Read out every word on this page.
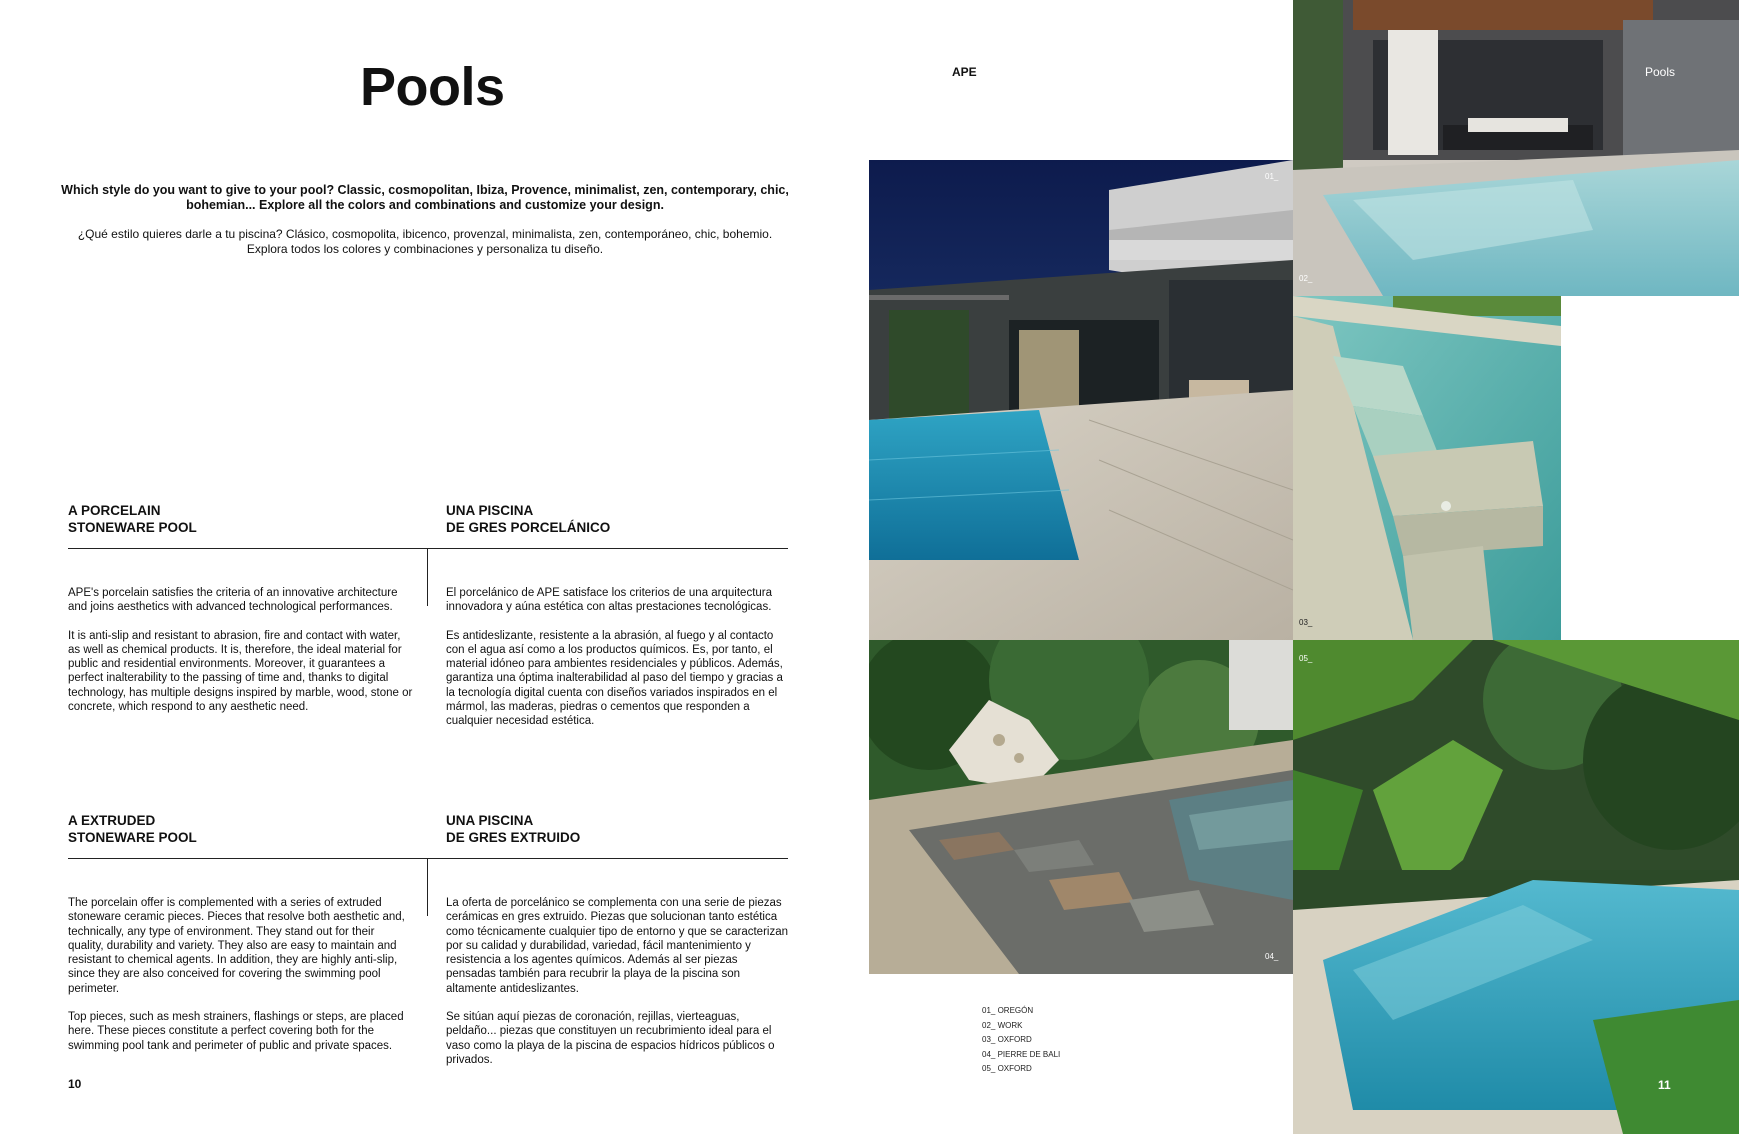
Pools
Which style do you want to give to your pool? Classic, cosmopolitan, Ibiza, Provence, minimalist, zen, contemporary, chic,
bohemian... Explore all the colors and combinations and customize your design.
¿Qué estilo quieres darle a tu piscina? Clásico, cosmopolita, ibicenco, provenzal, minimalista, zen, contemporáneo, chic, bohemio.
Explora todos los colores y combinaciones y personaliza tu diseño.
A PORCELAIN
STONEWARE POOL
UNA PISCINA
DE GRES PORCELÁNICO

APE's porcelain satisfies the criteria of an innovative architecture and joins aesthetics with advanced technological performances.

It is anti-slip and resistant to abrasion, fire and contact with water, as well as chemical products. It is, therefore, the ideal material for public and residential environments. Moreover, it guarantees a perfect inalterability to the passing of time and, thanks to digital technology, has multiple designs inspired by marble, wood, stone or concrete, which respond to any aesthetic need.

El porcelánico de APE satisface los criterios de una arquitectura innovadora y aúna estética con altas prestaciones tecnológicas.

Es antideslizante, resistente a la abrasión, al fuego y al contacto con el agua así como a los productos químicos. Es, por tanto, el material idóneo para ambientes residenciales y públicos. Además, garantiza una óptima inalterabilidad al paso del tiempo y gracias a la tecnología digital cuenta con diseños variados inspirados en el mármol, las maderas, piedras o cementos que responden a cualquier necesidad estética.

A EXTRUDED
STONEWARE POOL
UNA PISCINA
DE GRES EXTRUIDO

The porcelain offer is complemented with a series of extruded stoneware ceramic pieces. Pieces that resolve both aesthetic and, technically, any type of environment. They stand out for their quality, durability and variety. They also are easy to maintain and resistant to chemical agents. In addition, they are highly anti-slip, since they are also conceived for covering the swimming pool perimeter.

Top pieces, such as mesh strainers, flashings or steps, are placed here. These pieces constitute a perfect covering both for the swimming pool tank and perimeter of public and private spaces.

La oferta de porcelánico se complementa con una serie de piezas cerámicas en gres extruido. Piezas que solucionan tanto estética como técnicamente cualquier tipo de entorno y que se caracterizan por su calidad y durabilidad, variedad, fácil mantenimiento y resistencia a los agentes químicos. Además al ser piezas pensadas también para recubrir la playa de la piscina son altamente antideslizantes.

Se sitúan aquí piezas de coronación, rejillas, vierteaguas, peldaño... piezas que constituyen un recubrimiento ideal para el vaso como la playa de la piscina de espacios hídricos públicos o privados.

10
APE	Pools
02_
01_
03_
04_
05_
11
01_ OREGÓN
02_ WORK
03_ OXFORD
04_ PIERRE DE BALI
05_ OXFORD
